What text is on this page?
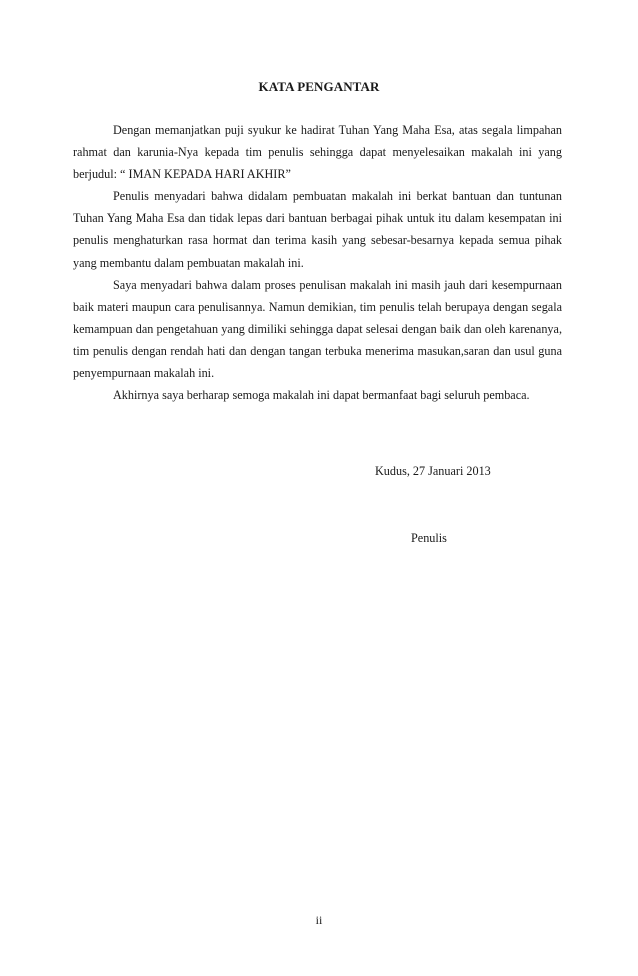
KATA PENGANTAR

Dengan memanjatkan puji syukur ke hadirat Tuhan Yang Maha Esa, atas segala limpahan rahmat dan karunia-Nya kepada tim penulis sehingga dapat menyelesaikan makalah ini yang berjudul: “ IMAN KEPADA HARI AKHIR”

Penulis menyadari bahwa didalam pembuatan makalah ini berkat bantuan dan tuntunan Tuhan Yang Maha Esa dan tidak lepas dari bantuan berbagai pihak untuk itu dalam kesempatan ini penulis menghaturkan rasa hormat dan terima kasih yang sebesar-besarnya kepada semua pihak yang membantu dalam pembuatan makalah ini.

Saya menyadari bahwa dalam proses penulisan makalah ini masih jauh dari kesempurnaan baik materi maupun cara penulisannya. Namun demikian, tim penulis telah berupaya dengan segala kemampuan dan pengetahuan yang dimiliki sehingga dapat selesai dengan baik dan oleh karenanya, tim penulis dengan rendah hati dan dengan tangan terbuka menerima masukan,saran dan usul guna penyempurnaan makalah ini.

Akhirnya saya berharap semoga makalah ini dapat bermanfaat bagi seluruh pembaca.

Kudus, 27 Januari 2013
Penulis
ii
